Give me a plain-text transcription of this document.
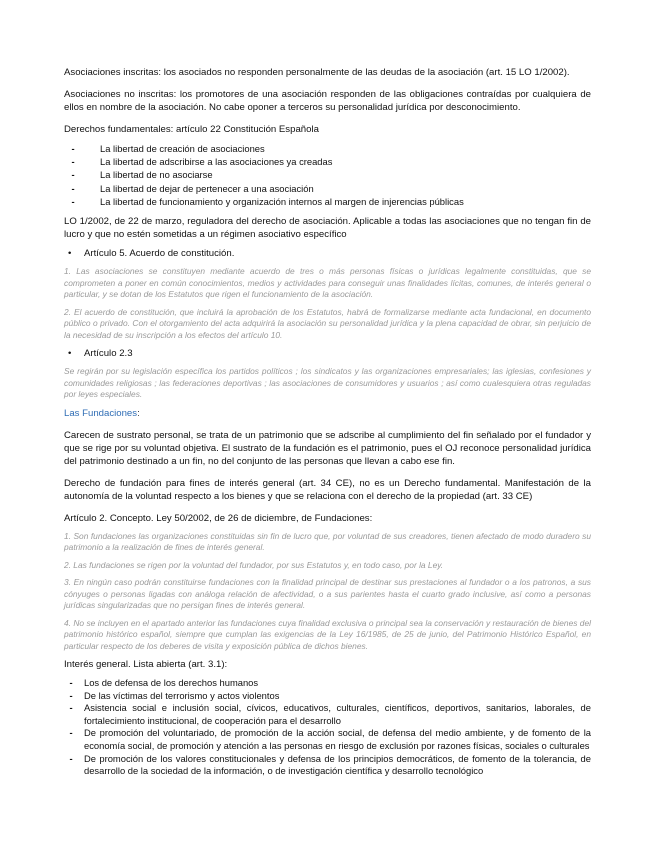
Asociaciones inscritas: los asociados no responden personalmente de las deudas de la asociación (art. 15 LO 1/2002).

Asociaciones no inscritas: los promotores de una asociación responden de las obligaciones contraídas por cualquiera de ellos en nombre de la asociación. No cabe oponer a terceros su personalidad jurídica por desconocimiento.

Derechos fundamentales: artículo 22 Constitución Española

-	La libertad de creación de asociaciones
-	La libertad de adscribirse a las asociaciones ya creadas
-	La libertad de no asociarse
-	La libertad de dejar de pertenecer a una asociación
-	La libertad de funcionamiento y organización internos al margen de injerencias públicas

LO 1/2002, de 22 de marzo, reguladora del derecho de asociación. Aplicable a todas las asociaciones que no tengan fin de lucro y que no estén sometidas a un régimen asociativo específico

• Artículo 5. Acuerdo de constitución.

1. Las asociaciones se constituyen mediante acuerdo de tres o más personas físicas o jurídicas legalmente constituidas, que se comprometen a poner en común conocimientos, medios y actividades para conseguir unas finalidades lícitas, comunes, de interés general o particular, y se dotan de los Estatutos que rigen el funcionamiento de la asociación.

2. El acuerdo de constitución, que incluirá la aprobación de los Estatutos, habrá de formalizarse mediante acta fundacional, en documento público o privado. Con el otorgamiento del acta adquirirá la asociación su personalidad jurídica y la plena capacidad de obrar, sin perjuicio de la necesidad de su inscripción a los efectos del artículo 10.

• Artículo 2.3

Se regirán por su legislación específica los partidos políticos ; los sindicatos y las organizaciones empresariales; las iglesias, confesiones y comunidades religiosas ; las federaciones deportivas ; las asociaciones de consumidores y usuarios ; así como cualesquiera otras reguladas por leyes especiales.

Las Fundaciones:

Carecen de sustrato personal, se trata de un patrimonio que se adscribe al cumplimiento del fin señalado por el fundador y que se rige por su voluntad objetiva. El sustrato de la fundación es el patrimonio, pues el OJ reconoce personalidad jurídica del patrimonio destinado a un fin, no del conjunto de las personas que llevan a cabo ese fin.

Derecho de fundación para fines de interés general (art. 34 CE), no es un Derecho fundamental. Manifestación de la autonomía de la voluntad respecto a los bienes y que se relaciona con el derecho de la propiedad (art. 33 CE)

Artículo 2. Concepto. Ley 50/2002, de 26 de diciembre, de Fundaciones:

1. Son fundaciones las organizaciones constituidas sin fin de lucro que, por voluntad de sus creadores, tienen afectado de modo duradero su patrimonio a la realización de fines de interés general.

2. Las fundaciones se rigen por la voluntad del fundador, por sus Estatutos y, en todo caso, por la Ley.

3. En ningún caso podrán constituirse fundaciones con la finalidad principal de destinar sus prestaciones al fundador o a los patronos, a sus cónyuges o personas ligadas con análoga relación de afectividad, o a sus parientes hasta el cuarto grado inclusive, así como a personas jurídicas singularizadas que no persigan fines de interés general.

4. No se incluyen en el apartado anterior las fundaciones cuya finalidad exclusiva o principal sea la conservación y restauración de bienes del patrimonio histórico español, siempre que cumplan las exigencias de la Ley 16/1985, de 25 de junio, del Patrimonio Histórico Español, en particular respecto de los deberes de visita y exposición pública de dichos bienes.

Interés general. Lista abierta (art. 3.1):

-	Los de defensa de los derechos humanos
-	De las víctimas del terrorismo y actos violentos
-	Asistencia social e inclusión social, cívicos, educativos, culturales, científicos, deportivos, sanitarios, laborales, de fortalecimiento institucional, de cooperación para el desarrollo
-	De promoción del voluntariado, de promoción de la acción social, de defensa del medio ambiente, y de fomento de la economía social, de promoción y atención a las personas en riesgo de exclusión por razones físicas, sociales o culturales
-	De promoción de los valores constitucionales y defensa de los principios democráticos, de fomento de la tolerancia, de desarrollo de la sociedad de la información, o de investigación científica y desarrollo tecnológico
